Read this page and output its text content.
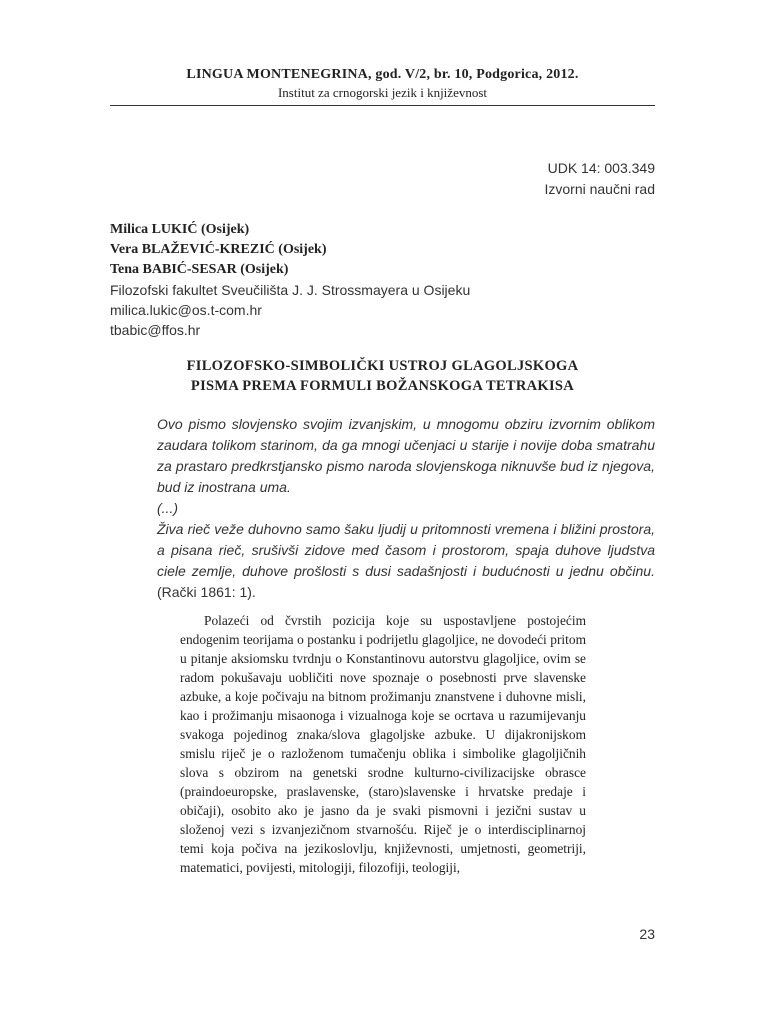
LINGUA MONTENEGRINA, god. V/2, br. 10, Podgorica, 2012.
Institut za crnogorski jezik i književnost
UDK 14: 003.349
Izvorni naučni rad
Milica LUKIĆ (Osijek)
Vera BLAŽEVIĆ-KREZIĆ (Osijek)
Tena BABIĆ-SESAR (Osijek)
Filozofski fakultet Sveučilišta J. J. Strossmayera u Osijeku
milica.lukic@os.t-com.hr
tbabic@ffos.hr
FILOZOFSKO-SIMBOLIČKI USTROJ GLAGOLJSKOGA
PISMA PREMA FORMULI BOŽANSKOGA TETRAKISA

Ovo pismo slovjensko svojim izvanjskim, u mnogomu obziru izvornim oblikom zaudara tolikom starinom, da ga mnogi učenjaci u starije i novije doba smatrahu za prastaro predkrstjansko pismo naroda slovjenskoga niknuvše bud iz njegova, bud iz inostrana uma.

(...)

Živa rieč veže duhovno samo šaku ljudij u pritomnosti vremena i bližini prostora, a pisana rieč, srušivši zidove med časom i prostorom, spaja duhove ljudstva ciele zemlje, duhove prošlosti s dusi sadašnjosti i budućnosti u jednu občinu. (Rački 1861: 1).

Polazeći od čvrstih pozicija koje su uspostavljene postojećim endogenim teorijama o postanku i podrijetlu glagoljice, ne dovodeći pritom u pitanje aksiomsku tvrdnju o Konstantinovu autorstvu glagoljice, ovim se radom pokušavaju uobličiti nove spoznaje o posebnosti prve slavenske azbuke, a koje počivaju na bitnom prožimanju znanstvene i duhovne misli, kao i prožimanju misaonoga i vizualnoga koje se ocrtava u razumijevanju svakoga pojedinog znaka/slova glagoljske azbuke. U dijakronijskom smislu riječ je o razloženom tumačenju oblika i simbolike glagoljičnih slova s obzirom na genetski srodne kulturno-civilizacijske obrasce (praindoeuropske, praslavenske, (staro)slavenske i hrvatske predaje i običaji), osobito ako je jasno da je svaki pismovni i jezični sustav u složenoj vezi s izvanjezičnom stvarnošću. Riječ je o interdisciplinarnoj temi koja počiva na jezikoslovlju, književnosti, umjetnosti, geometriji, matematici, povijesti, mitologiji, filozofiji, teologiji,

23
